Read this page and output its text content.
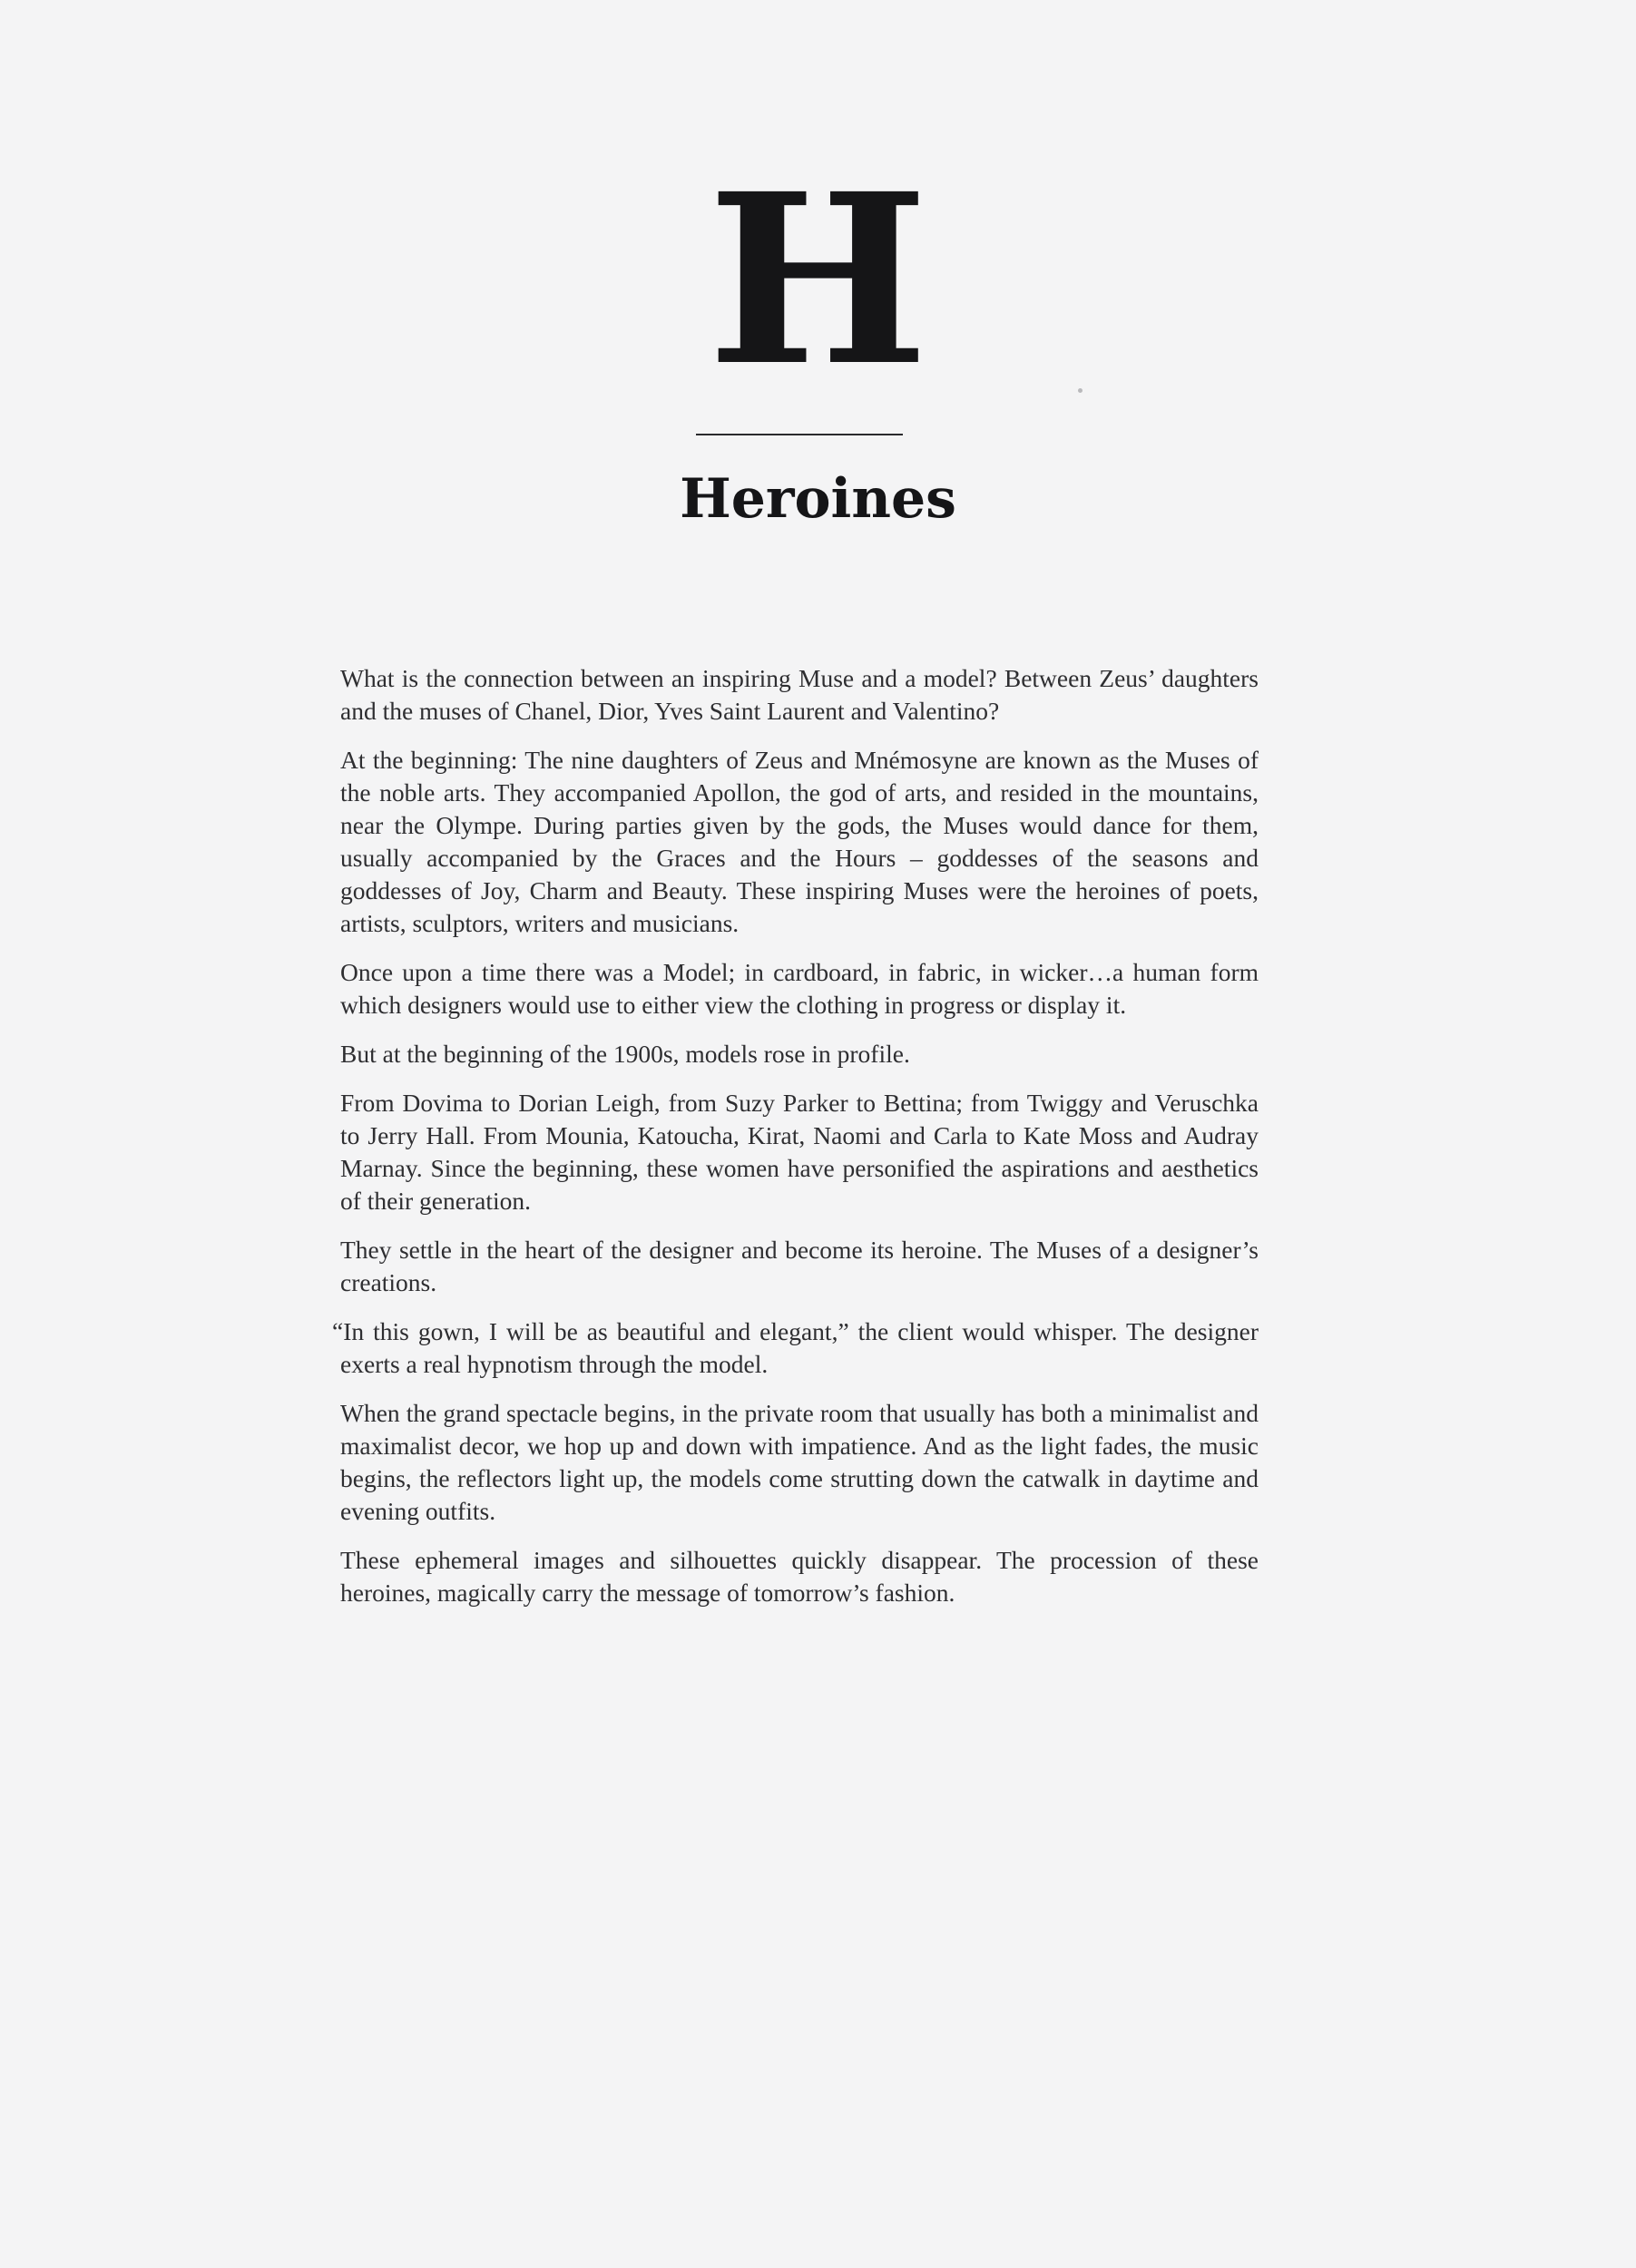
H
Heroines

What is the connection between an inspiring Muse and a model? Between Zeus’ daughters and the muses of Chanel, Dior, Yves Saint Laurent and Valentino?

At the beginning: The nine daughters of Zeus and Mnémosyne are known as the Muses of the noble arts. They accompanied Apollon, the god of arts, and resided in the mountains, near the Olympe. During parties given by the gods, the Muses would dance for them, usually accompanied by the Graces and the Hours – goddesses of the seasons and goddesses of Joy, Charm and Beauty. These inspiring Muses were the heroines of poets, artists, sculptors, writers and musicians.

Once upon a time there was a Model; in cardboard, in fabric, in wicker…a human form which designers would use to either view the clothing in progress or display it.

But at the beginning of the 1900s, models rose in profile.

From Dovima to Dorian Leigh, from Suzy Parker to Bettina; from Twiggy and Veruschka to Jerry Hall. From Mounia, Katoucha, Kirat, Naomi and Carla to Kate Moss and Audray Marnay. Since the beginning, these women have personified the aspirations and aesthetics of their generation.

They settle in the heart of the designer and become its heroine. The Muses of a designer’s creations.

“In this gown, I will be as beautiful and elegant,” the client would whisper. The designer exerts a real hypnotism through the model.

When the grand spectacle begins, in the private room that usually has both a minimalist and maximalist decor, we hop up and down with impatience. And as the light fades, the music begins, the reflectors light up, the models come strutting down the catwalk in daytime and evening outfits.

These ephemeral images and silhouettes quickly disappear. The procession of these heroines, magically carry the message of tomorrow’s fashion.
